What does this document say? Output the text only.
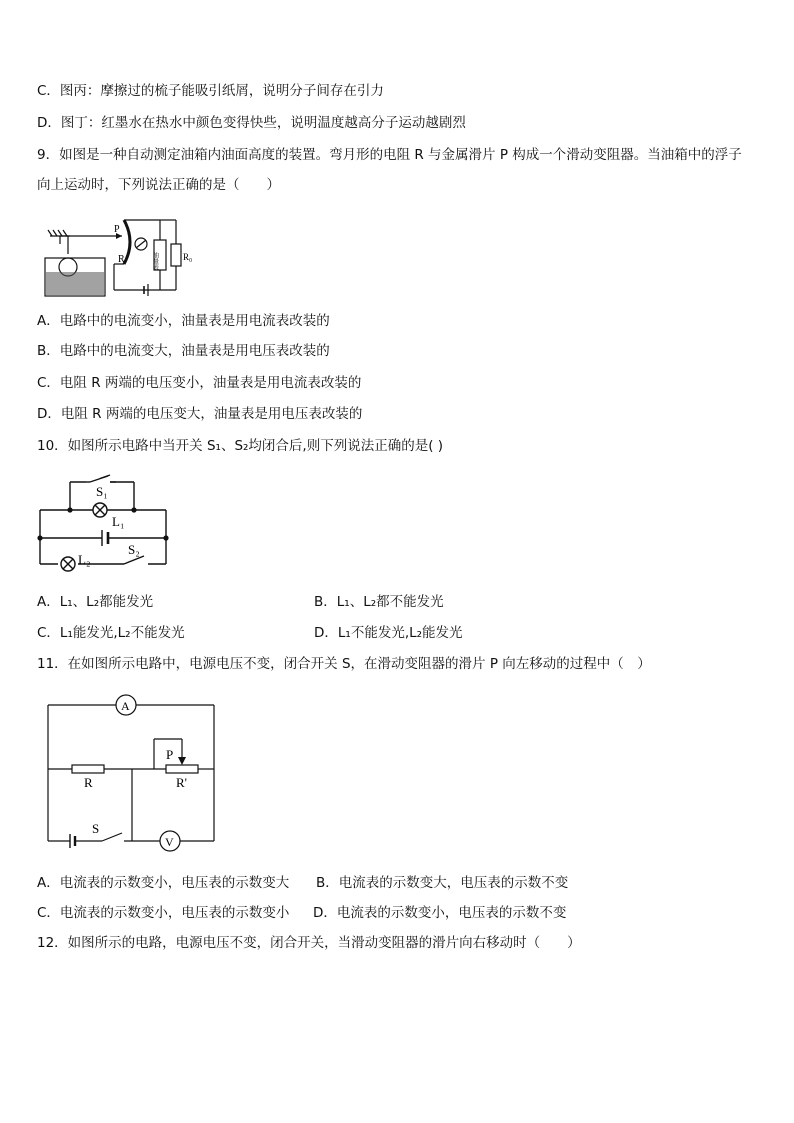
C．图丙：摩擦过的梳子能吸引纸屑，说明分子间存在引力
D．图丁：红墨水在热水中颜色变得快些，说明温度越高分子运动越剧烈
9．如图是一种自动测定油箱内油面高度的装置。弯月形的电阻 R 与金属滑片 P 构成一个滑动变阻器。当油箱中的浮子
向上运动时，下列说法正确的是（　　）
P
R	R₀
油量表
A．电路中的电流变小，油量表是用电流表改装的
B．电路中的电流变大，油量表是用电压表改装的
C．电阻 R 两端的电压变小，油量表是用电流表改装的
D．电阻 R 两端的电压变大，油量表是用电压表改装的
10．如图所示电路中当开关 S₁、S₂均闭合后,则下列说法正确的是( )
S₁
L₁
L₂
S₂
A．L₁、L₂都能发光	B．L₁、L₂都不能发光
C．L₁能发光,L₂不能发光	D．L₁不能发光,L₂能发光
11．在如图所示电路中，电源电压不变，闭合开关 S，在滑动变阻器的滑片 P 向左移动的过程中（　）
A
V
P
R	R'
S
A．电流表的示数变小，电压表的示数变大 B．电流表的示数变大，电压表的示数不变
C．电流表的示数变小，电压表的示数变小 D．电流表的示数变小，电压表的示数不变
12．如图所示的电路，电源电压不变，闭合开关，当滑动变阻器的滑片向右移动时（　　）
